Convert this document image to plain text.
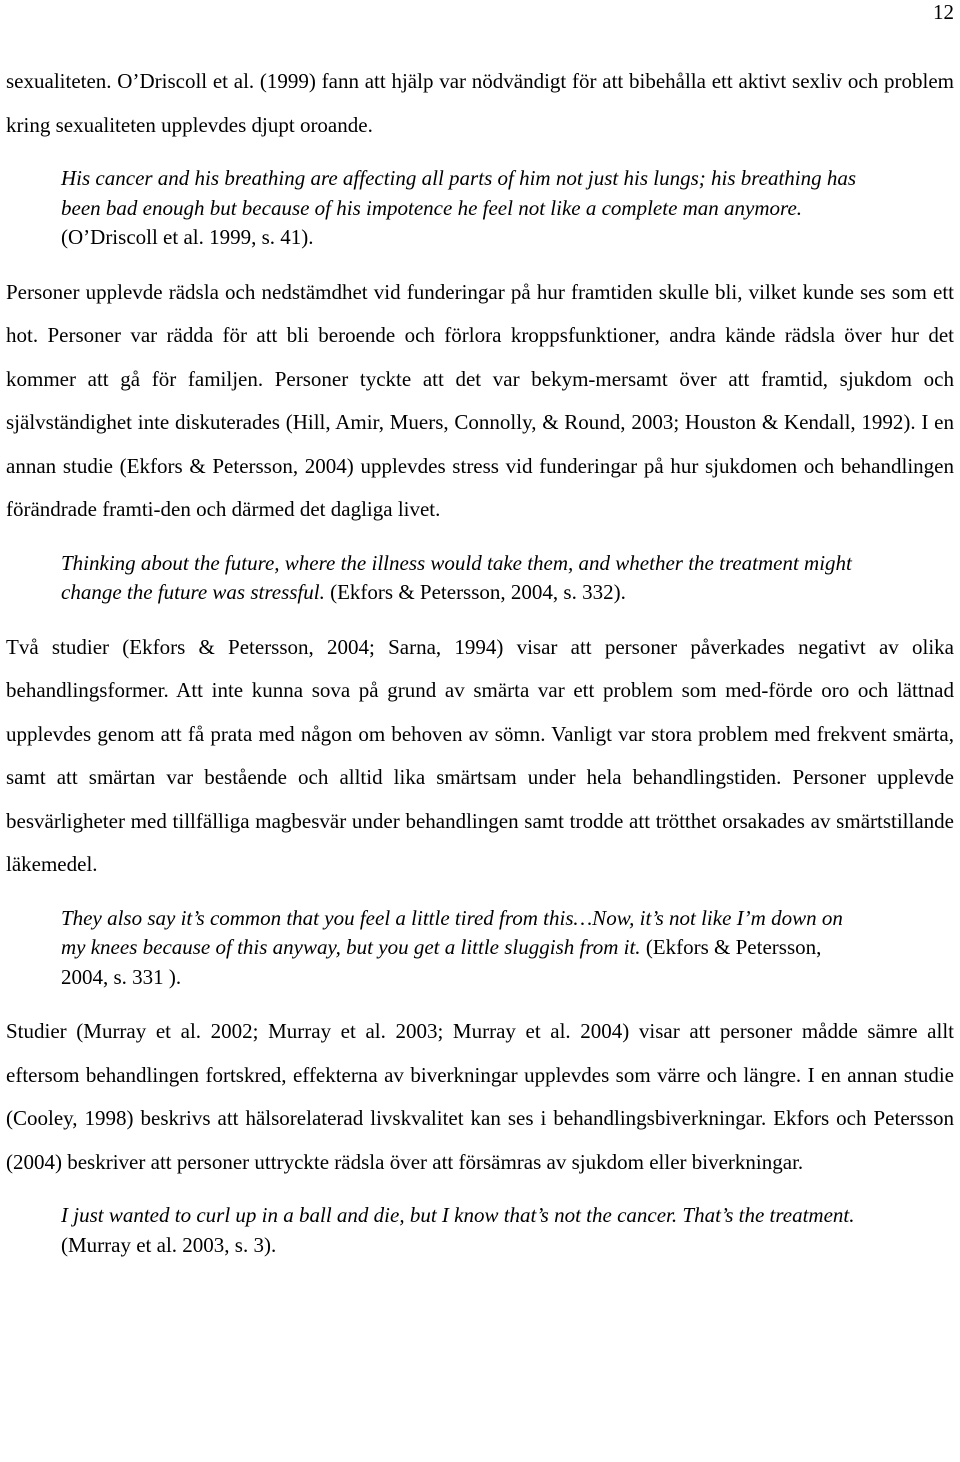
12

sexualiteten. O’Driscoll et al. (1999) fann att hjälp var nödvändigt för att bibehålla ett aktivt sexliv och problem kring sexualiteten upplevdes djupt oroande.

His cancer and his breathing are affecting all parts of him not just his lungs; his breathing has been bad enough but because of his impotence he feel not like a complete man anymore. (O’Driscoll et al. 1999, s. 41).

Personer upplevde rädsla och nedstämdhet vid funderingar på hur framtiden skulle bli, vilket kunde ses som ett hot. Personer var rädda för att bli beroende och förlora kroppsfunktioner, andra kände rädsla över hur det kommer att gå för familjen. Personer tyckte att det var bekym-mersamt över att framtid, sjukdom och självständighet inte diskuterades (Hill, Amir, Muers, Connolly, & Round, 2003; Houston & Kendall, 1992). I en annan studie (Ekfors & Petersson, 2004) upplevdes stress vid funderingar på hur sjukdomen och behandlingen förändrade framti-den och därmed det dagliga livet.

Thinking about the future, where the illness would take them, and whether the treatment might change the future was stressful. (Ekfors & Petersson, 2004, s. 332).

Två studier (Ekfors & Petersson, 2004; Sarna, 1994) visar att personer påverkades negativt av olika behandlingsformer. Att inte kunna sova på grund av smärta var ett problem som med-förde oro och lättnad upplevdes genom att få prata med någon om behoven av sömn. Vanligt var stora problem med frekvent smärta, samt att smärtan var bestående och alltid lika smärtsam under hela behandlingstiden. Personer upplevde besvärligheter med tillfälliga magbesvär under behandlingen samt trodde att trötthet orsakades av smärtstillande läkemedel.

They also say it’s common that you feel a little tired from this…Now, it’s not like I’m down on my knees because of this anyway, but you get a little sluggish from it. (Ekfors & Petersson, 2004, s. 331 ).

Studier (Murray et al. 2002; Murray et al. 2003; Murray et al. 2004) visar att personer mådde sämre allt eftersom behandlingen fortskred, effekterna av biverkningar upplevdes som värre och längre. I en annan studie (Cooley, 1998) beskrivs att hälsorelaterad livskvalitet kan ses i behandlingsbiverkningar. Ekfors och Petersson (2004) beskriver att personer uttryckte rädsla över att försämras av sjukdom eller biverkningar.

I just wanted to curl up in a ball and die, but I know that’s not the cancer. That’s the treatment. (Murray et al. 2003, s. 3).
